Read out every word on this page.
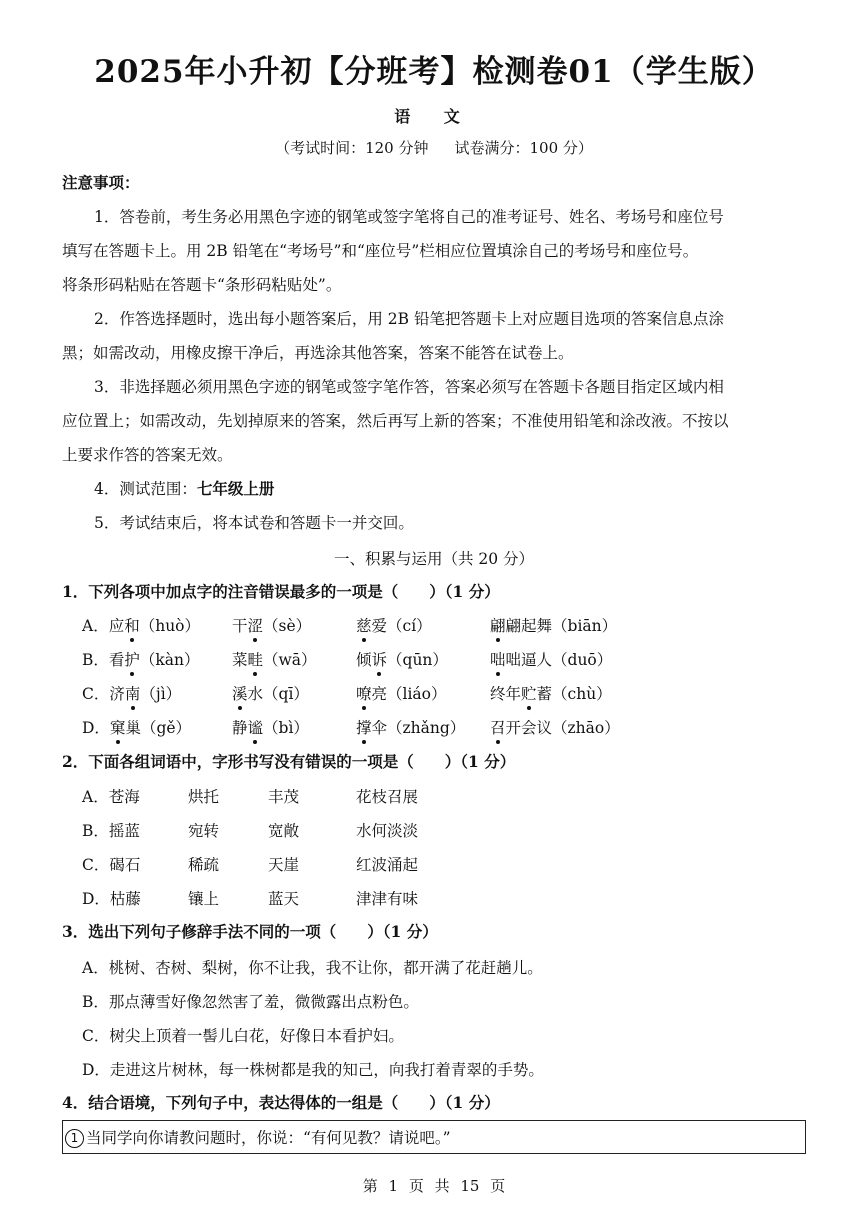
2025年小升初【分班考】检测卷01（学生版）
语 文
（考试时间：120 分钟 试卷满分：100 分）
注意事项：
1．答卷前，考生务必用黑色字迹的钢笔或签字笔将自己的准考证号、姓名、考场号和座位号
填写在答题卡上。用 2B 铅笔在“考场号”和“座位号”栏相应位置填涂自己的考场号和座位号。
将条形码粘贴在答题卡“条形码粘贴处”。
2．作答选择题时，选出每小题答案后，用 2B 铅笔把答题卡上对应题目选项的答案信息点涂
黑；如需改动，用橡皮擦干净后，再选涂其他答案，答案不能答在试卷上。
3．非选择题必须用黑色字迹的钢笔或签字笔作答，答案必须写在答题卡各题目指定区域内相
应位置上；如需改动，先划掉原来的答案，然后再写上新的答案；不准使用铅笔和涂改液。不按以
上要求作答的答案无效。
4．测试范围：七年级上册
5．考试结束后，将本试卷和答题卡一并交回。
一、积累与运用（共 20 分）
1．下列各项中加点字的注音错误最多的一项是（　　）（1 分）
A．应和（huò） 干涩（sè）	慈爱（cí）	翩翩起舞（biān）
B．看护（kàn） 菜畦（wā）	倾诉（qūn）	咄咄逼人（duō）
C．济南（jì）	溪水（qī）	嘹亮（liáo）	终年贮蓄（chù）
D．窠巢（gě）	静谧（bì）	撑伞（zhǎng） 召开会议（zhāo）
2．下面各组词语中，字形书写没有错误的一项是（　　）（1 分）
A．苍海	烘托	丰茂	花枝召展
B．摇蓝	宛转	宽敞	水何淡淡
C．碣石	稀疏	天崖	红波涌起
D．枯藤	镶上	蓝天	津津有味
3．选出下列句子修辞手法不同的一项（　　）（1 分）
A．桃树、杏树、梨树，你不让我，我不让你，都开满了花赶趟儿。
B．那点薄雪好像忽然害了羞，微微露出点粉色。
C．树尖上顶着一髻儿白花，好像日本看护妇。
D．走进这片树林，每一株树都是我的知己，向我打着青翠的手势。
4．结合语境，下列句子中，表达得体的一组是（　　）（1 分）
1 当同学向你请教问题时，你说：“有何见教？请说吧。”
第 1 页 共 15 页
